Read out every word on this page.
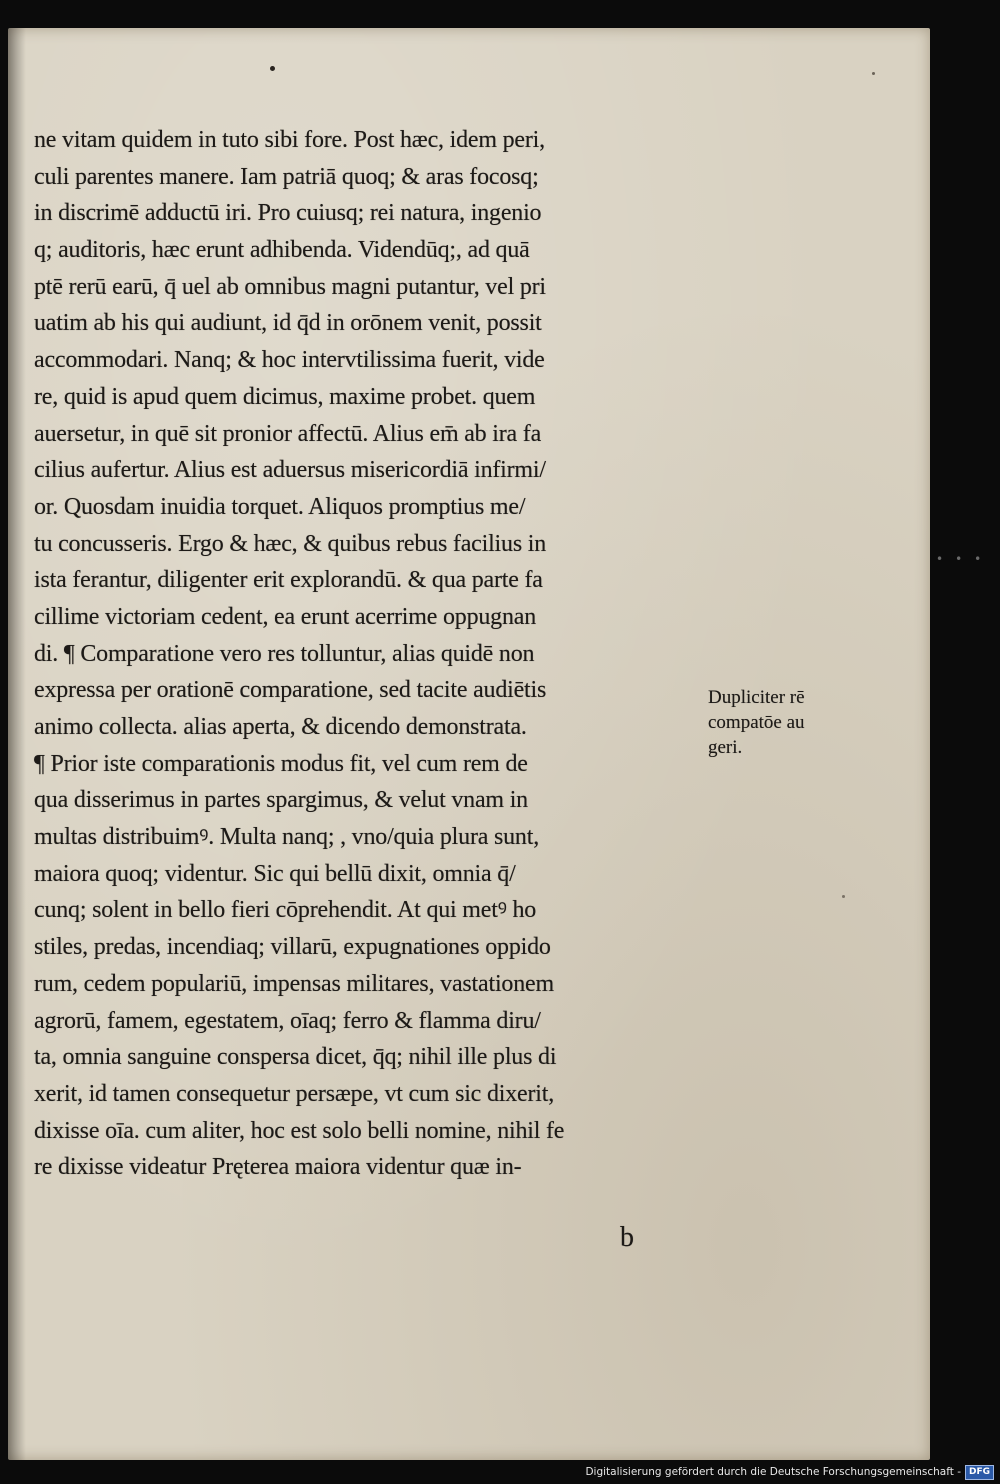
ne vitam quidem in tuto sibi fore. Post hæc, idem peri,
culi parentes manere. Iam patriā quoq; & aras focosq;
in discrimē adductū iri. Pro cuiusq; rei natura, ingenio
q; auditoris, hæc erunt adhibenda. Videndūq;, ad quā
ptē rerū earū, q̄ uel ab omnibus magni putantur, vel pri
uatim ab his qui audiunt, id q̄d in orōnem venit, possit
accommodari. Nanq; & hoc intervtilissima fuerit, vide
re, quid is apud quem dicimus, maxime probet. quem
auersetur, in quē sit pronior affectū. Alius em̄ ab ira fa
cilius aufertur. Alius est aduersus misericordiā infirmi/
or. Quosdam inuidia torquet. Aliquos promptius me/
tu concusseris. Ergo & hæc, & quibus rebus facilius in
ista ferantur, diligenter erit explorandū. & qua parte fa
cillime victoriam cedent, ea erunt acerrime oppugnan
di. ¶ Comparatione vero res tolluntur, alias quidē non
expressa per orationē comparatione, sed tacite audiētis
animo collecta. alias aperta, & dicendo demonstrata.
¶ Prior iste comparationis modus fit, vel cum rem de
qua disserimus in partes spargimus, & velut vnam in
multas distribuimꝰ. Multa nanq; , vno/quia plura sunt,
maiora quoq; videntur. Sic qui bellū dixit, omnia q̄/
cunq; solent in bello fieri cōprehendit. At qui metꝰ ho
stiles, predas, incendiaq; villarū, expugnationes oppido
rum, cedem populariū, impensas militares, vastationem
agrorū, famem, egestatem, oīaq; ferro & flamma diru/
ta, omnia sanguine conspersa dicet, q̄q; nihil ille plus di
xerit, id tamen consequetur persæpe, vt cum sic dixerit,
dixisse oīa. cum aliter, hoc est solo belli nomine, nihil fe
re dixisse videatur Pręterea maiora videntur quæ in-
Dupliciter rē
compatōe au
geri.
b
•••
Digitalisierung gefördert durch die Deutsche Forschungsgemeinschaft - DFG
